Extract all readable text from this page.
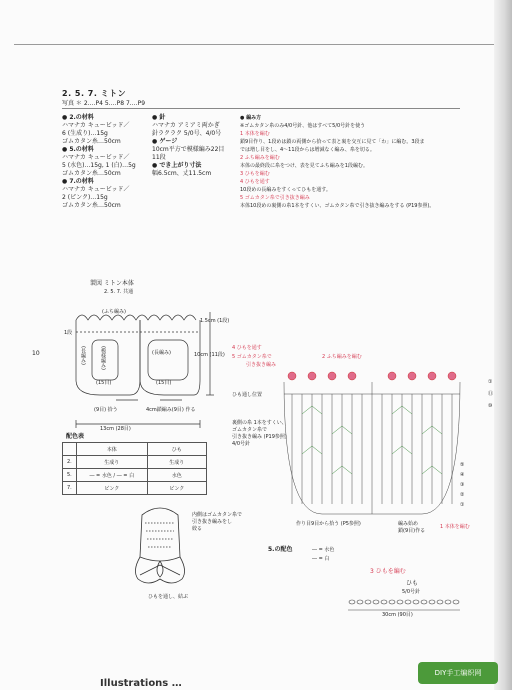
2. 5. 7. ミトン
写真 ＊ 2.…P4 5.…P8 7.…P9

● 2.の材料

ハマナカ キュービッド／

6 (生成り)…15g

ゴムカタン糸…50cm

● 5.の材料

ハマナカ キュービッド／

5 (水色)…15g, 1 (白)…5g

ゴムカタン糸…50cm

● 7.の材料

ハマナカ キュービッド／

2 (ピンク)…15g

ゴムカタン糸…50cm

● 針

ハマナカ アミアミ両かぎ

針ラクラク 5/0号、4/0号

● ゲージ

10cm平方で模様編み22目

11段

● でき上がり寸法

幅6.5cm、丈11.5cm

● 編み方

※ゴムカタン糸のみ4/0号針、他はすべて5/0号針を使う

1 本体を編む

鎖9目作り、1段めは鎖の両側から拾って表と裏を交互に見て「わ」に編む。3段ま

では増し目をし、4～11段からは増減なく編み、糸を切る。

2 ふち編みを編む

本体の最終段に糸をつけ、表を見てふち編みを1段編む。

3 ひもを編む

4 ひもを通す

10段めの長編みをすくってひもを通す。

5 ゴムカタン糸で引き抜き編み

本体10段めの裏側の糸1本をすくい、ゴムカタン糸で引き抜き編みをする (P19参照)。

10
製図 ミトン本体
2. 5. 7. 共通
(ふち編み)
1.5cm (1段)
1段
(長編み)	(模様編み)	(長編み)	10cm (11段)
(15目)	(15目)
(9目) 拾う	4cm鎖編み(9目) 作る
13cm (28目)
配色表
	本体	ひも
2.	生成り	生成り
5.	― = 水色 / ― = 白	水色
7.	ピンク	ピンク
内側はゴムカタン糸で
引き抜き編みをし
絞る
ひもを通し、結ぶ
4 ひもを通す
5 ゴムカタン糸で
引き抜き編み
2 ふち編みを編む
ひも通し位置
裏側の糸 1本をすくい、
ゴムカタン糸で
引き抜き編み (P19参照)
4/0号針
①
⑪
⑩
⑤
④
③
②
①
作り目9目から拾う (P5参照)	編み始め
鎖(9目)作る
1 本体を編む
5.の配色	― = 水色
― = 白
3 ひもを編む
ひも
5/0号針
30cm (90目)
DIY手工编织网
Illustrations …
